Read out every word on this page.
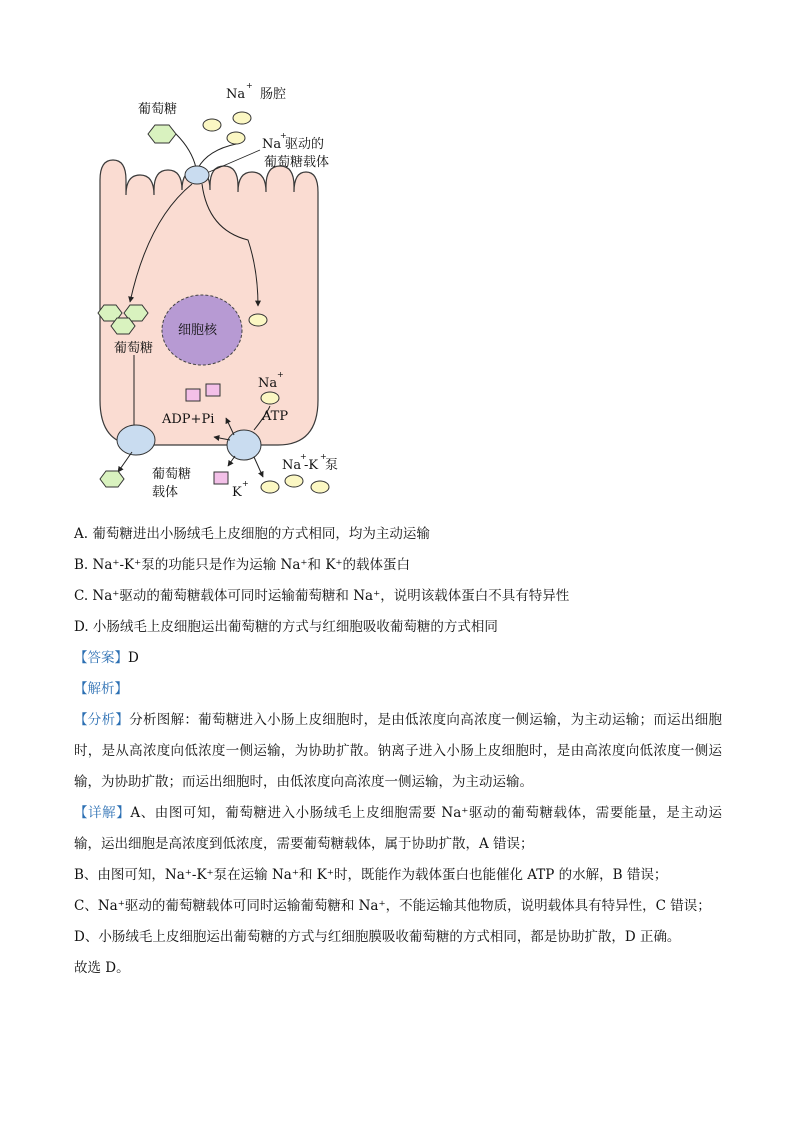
细胞核
葡萄糖
Na
+
肠腔
Na
+
驱动的
葡萄糖载体
葡萄糖
葡萄糖
载体
Na
+
ATP
ADP+Pi
K
+
Na
+
-K
+
泵
A. 葡萄糖进出小肠绒毛上皮细胞的方式相同，均为主动运输
B. Na⁺-K⁺泵的功能只是作为运输 Na⁺和 K⁺的载体蛋白
C. Na⁺驱动的葡萄糖载体可同时运输葡萄糖和 Na⁺，说明该载体蛋白不具有特异性
D. 小肠绒毛上皮细胞运出葡萄糖的方式与红细胞吸收葡萄糖的方式相同
【答案】D
【解析】
【分析】分析图解：葡萄糖进入小肠上皮细胞时，是由低浓度向高浓度一侧运输，为主动运输；而运出细胞时，是从高浓度向低浓度一侧运输，为协助扩散。钠离子进入小肠上皮细胞时，是由高浓度向低浓度一侧运输，为协助扩散；而运出细胞时，由低浓度向高浓度一侧运输，为主动运输。
【详解】A、由图可知，葡萄糖进入小肠绒毛上皮细胞需要 Na⁺驱动的葡萄糖载体，需要能量，是主动运输，运出细胞是高浓度到低浓度，需要葡萄糖载体，属于协助扩散，A 错误；
B、由图可知，Na⁺-K⁺泵在运输 Na⁺和 K⁺时，既能作为载体蛋白也能催化 ATP 的水解，B 错误；
C、Na⁺驱动的葡萄糖载体可同时运输葡萄糖和 Na⁺，不能运输其他物质，说明载体具有特异性，C 错误；
D、小肠绒毛上皮细胞运出葡萄糖的方式与红细胞膜吸收葡萄糖的方式相同，都是协助扩散，D 正确。
故选 D。
